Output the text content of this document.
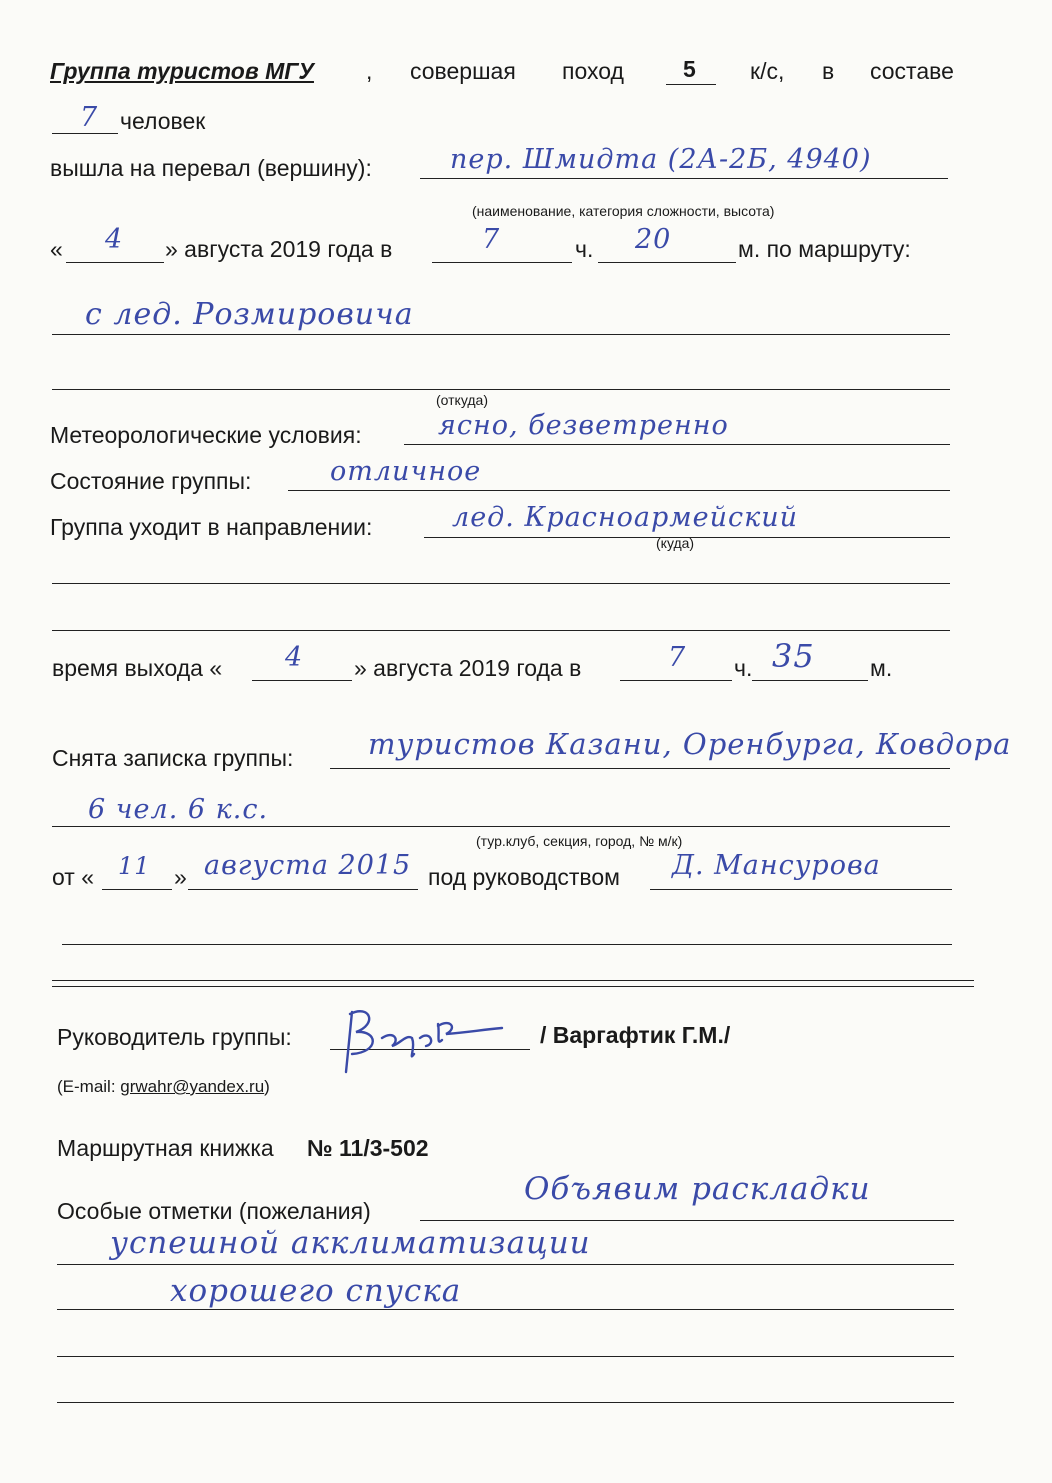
Группа туристов МГУ , совершая поход	5 к/с, в составе
7 человек
вышла на перевал (вершину):	пер. Шмидта (2А-2Б, 4940)
(наименование, категория сложности, высота)
« 4 » августа 2019 года в	7	ч. 20	м. по маршруту:
с лед. Розмировича
(откуда)
Метеорологические условия:	ясно, безветренно
Состояние группы:	отличное
Группа уходит в направлении:	лед. Красноармейский
(куда)
время выхода « 4 » августа 2019 года в	7 ч. 35 м.
Снята записка группы:	туристов Казани, Оренбурга, Ковдора
6 чел. 6 к.с.
(тур.клуб, секция, город, № м/к)
от « 11 » августа 2015 под руководством Д. Мансурова
Руководитель группы:	/ Варгафтик Г.М./
(E-mail: grwahr@yandex.ru)
Маршрутная книжка № 11/3-502
Особые отметки (пожелания)
Объявим раскладки
успешной акклиматизации
хорошего спуска
